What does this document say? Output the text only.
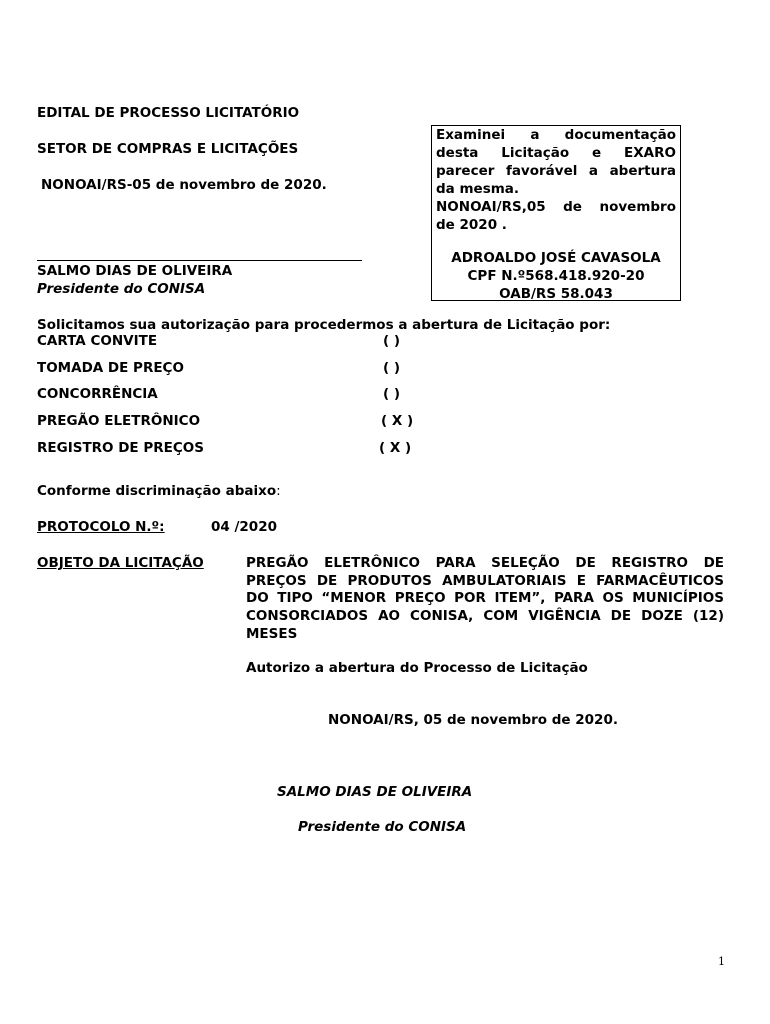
EDITAL DE PROCESSO LICITATÓRIO
SETOR DE COMPRAS E LICITAÇÕES
NONOAI/RS-05 de novembro de 2020.
Examinei a documentação
desta Licitação e EXARO
parecer favorável a abertura
da mesma.
NONOAI/RS,05 de novembro
de 2020 .
ADROALDO JOSÉ CAVASOLA
CPF N.º568.418.920-20
OAB/RS 58.043
SALMO DIAS DE OLIVEIRA
Presidente do CONISA
Solicitamos sua autorização para procedermos a abertura de Licitação por:
CARTA CONVITE	( )
TOMADA DE PREÇO	( )
CONCORRÊNCIA	( )
PREGÃO ELETRÔNICO	( X )
REGISTRO DE PREÇOS	( X )
Conforme discriminação abaixo:
PROTOCOLO N.º:	04 /2020
OBJETO DA LICITAÇÃO	PREGÃO ELETRÔNICO PARA SELEÇÃO DE REGISTRO DE
PREÇOS DE PRODUTOS AMBULATORIAIS E FARMACÊUTICOS
DO TIPO “MENOR PREÇO POR ITEM”, PARA OS MUNICÍPIOS
CONSORCIADOS AO CONISA, COM VIGÊNCIA DE DOZE (12)
MESES
Autorizo a abertura do Processo de Licitação
NONOAI/RS, 05 de novembro de 2020.
SALMO DIAS DE OLIVEIRA
Presidente do CONISA
1
